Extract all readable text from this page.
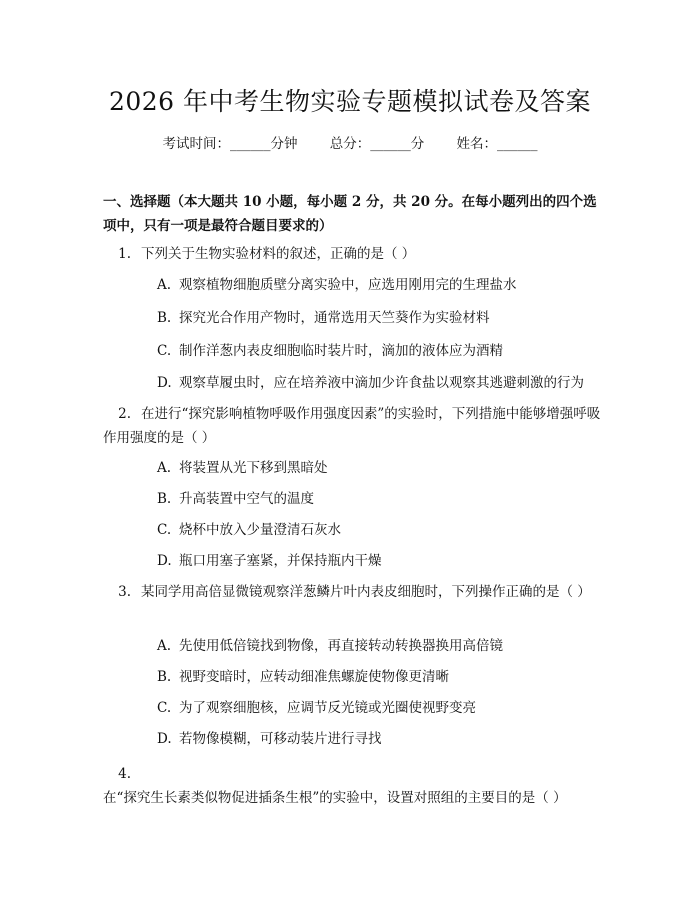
2026 年中考生物实验专题模拟试卷及答案
考试时间：______分钟 总分：______分 姓名：______

一、选择题（本大题共 10 小题，每小题 2 分，共 20 分。在每小题列出的四个选项中，只有一项是最符合题目要求的）

1. 下列关于生物实验材料的叙述，正确的是（ ）
A. 观察植物细胞质壁分离实验中，应选用刚用完的生理盐水
B. 探究光合作用产物时，通常选用天竺葵作为实验材料
C. 制作洋葱内表皮细胞临时装片时，滴加的液体应为酒精
D. 观察草履虫时，应在培养液中滴加少许食盐以观察其逃避刺激的行为
2. 在进行“探究影响植物呼吸作用强度因素”的实验时，下列措施中能够增强呼吸作用强度的是（ ）
A. 将装置从光下移到黑暗处
B. 升高装置中空气的温度
C. 烧杯中放入少量澄清石灰水
D. 瓶口用塞子塞紧，并保持瓶内干燥
3. 某同学用高倍显微镜观察洋葱鳞片叶内表皮细胞时，下列操作正确的是（ ）
A. 先使用低倍镜找到物像，再直接转动转换器换用高倍镜
B. 视野变暗时，应转动细准焦螺旋使物像更清晰
C. 为了观察细胞核，应调节反光镜或光圈使视野变亮
D. 若物像模糊，可移动装片进行寻找
4.在“探究生长素类似物促进插条生根”的实验中，设置对照组的主要目的是（ ）
